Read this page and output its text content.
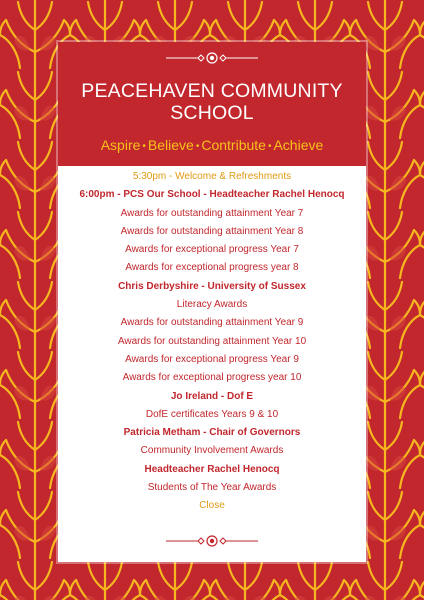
PEACEHAVEN COMMUNITY
SCHOOL
Aspire • Believe • Contribute • Achieve
5:30pm - Welcome & Refreshments
6:00pm - PCS Our School - Headteacher Rachel Henocq
Awards for outstanding attainment Year 7
Awards for outstanding attainment Year 8
Awards for exceptional progress Year 7
Awards for exceptional progress year 8
Chris Derbyshire - University of Sussex
Literacy Awards
Awards for outstanding attainment Year 9
Awards for outstanding attainment Year 10
Awards for exceptional progress Year 9
Awards for exceptional progress year 10
Jo Ireland - Dof E
DofE certificates Years 9 & 10
Patricia Metham - Chair of Governors
Community Involvement Awards
Headteacher Rachel Henocq
Students of The Year Awards
Close
